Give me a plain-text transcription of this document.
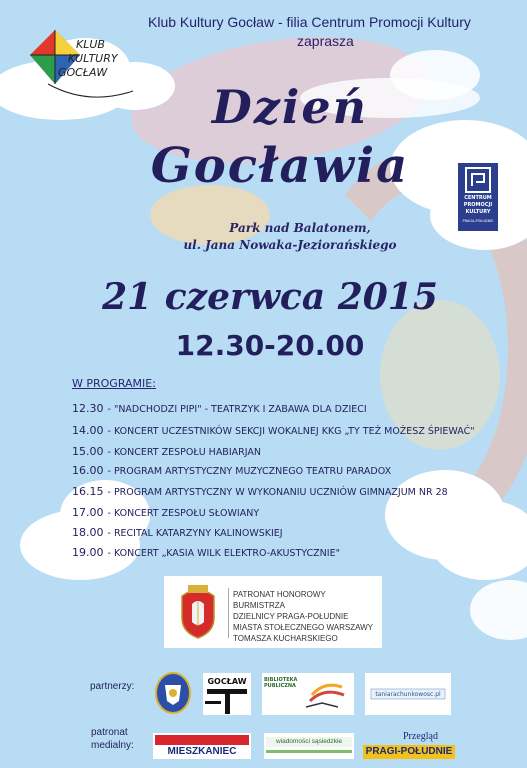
Klub Kultury Gocław - filia Centrum Promocji Kultury
zaprasza
KLUB
KULTURY
GOCŁAW
CENTRUM
PROMOCJI
KULTURY
PRAGA-POŁUDNIE
Dzień
Gocławia
Park nad Balatonem,
ul. Jana Nowaka-Jeziorańskiego
21 czerwca 2015
12.30-20.00
W PROGRAMIE:
12.30 - "NADCHODZI PIPI" - TEATRZYK I ZABAWA DLA DZIECI
14.00 - KONCERT UCZESTNIKÓW SEKCJI WOKALNEJ KKG „TY TEŻ MOŻESZ ŚPIEWAĆ"
15.00 - KONCERT ZESPOŁU HABIARJAN
16.00 - PROGRAM ARTYSTYCZNY MUZYCZNEGO TEATRU PARADOX
16.15 - PROGRAM ARTYSTYCZNY W WYKONANIU UCZNIÓW GIMNAZJUM NR 28
17.00 - KONCERT ZESPOŁU SŁOWIANY
18.00 - RECITAL KATARZYNY KALINOWSKIEJ
19.00 - KONCERT „KASIA WILK ELEKTRO-AKUSTYCZNIE"
PATRONAT HONOROWY BURMISTRZA
DZIELNICY PRAGA-POŁUDNIE
MIASTA STOŁECZNEGO WARSZAWY
TOMASZA KUCHARSKIEGO
partnerzy:	GOCŁAW	BIBLIOTEKA PUBLICZNA
taniarachunkowosc.pl
patronat
medialny:
MIESZKANIEC
wiadomości sąsiedzkie	Przegląd
PRAGI-POŁUDNIE
